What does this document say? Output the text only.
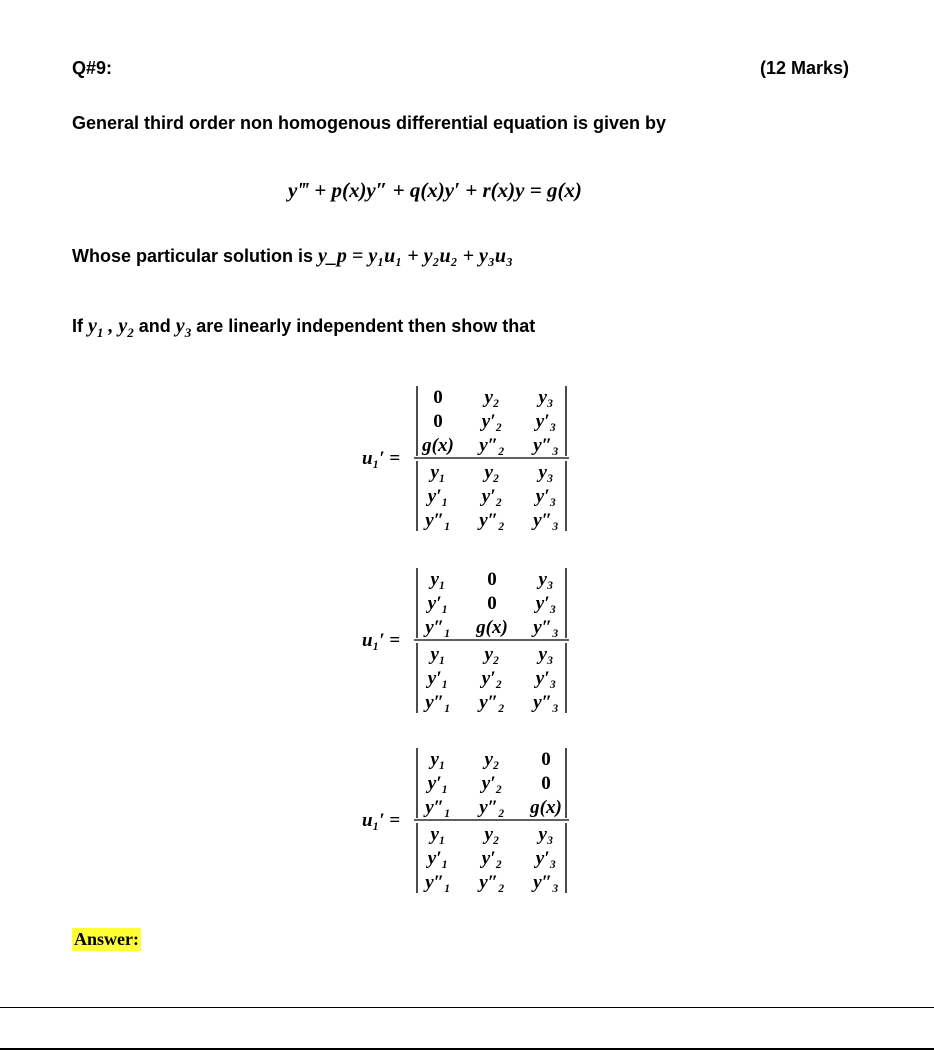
Q#9:	(12 Marks)
General third order non homogenous differential equation is given by
y‴ + p(x)y″ + q(x)y′ + r(x)y = g(x)
Whose particular solution is y_p = y₁u₁ + y₂u₂ + y₃u₃
If $y_1$ , $y_2$ and $y_3$ are linearly independent then show that
0 y₂ y₃
0 y′₂ y′₃
g(x) y″₂ y″₃
y₁ y₂ y₃
y′₁ y′₂ y′₃
y″₁ y″₂ y″₃
u₁′ =
y₁ 0 y₃
y′₁ 0 y′₃
y″₁ g(x) y″₃
y₁ y₂ y₃
y′₁ y′₂ y′₃
y″₁ y″₂ y″₃
u₁′ =
y₁ y₂ 0
y′₁ y′₂ 0
y″₁ y″₂ g(x)
y₁ y₂ y₃
y′₁ y′₂ y′₃
y″₁ y″₂ y″₃
u₁′ =
Answer:
